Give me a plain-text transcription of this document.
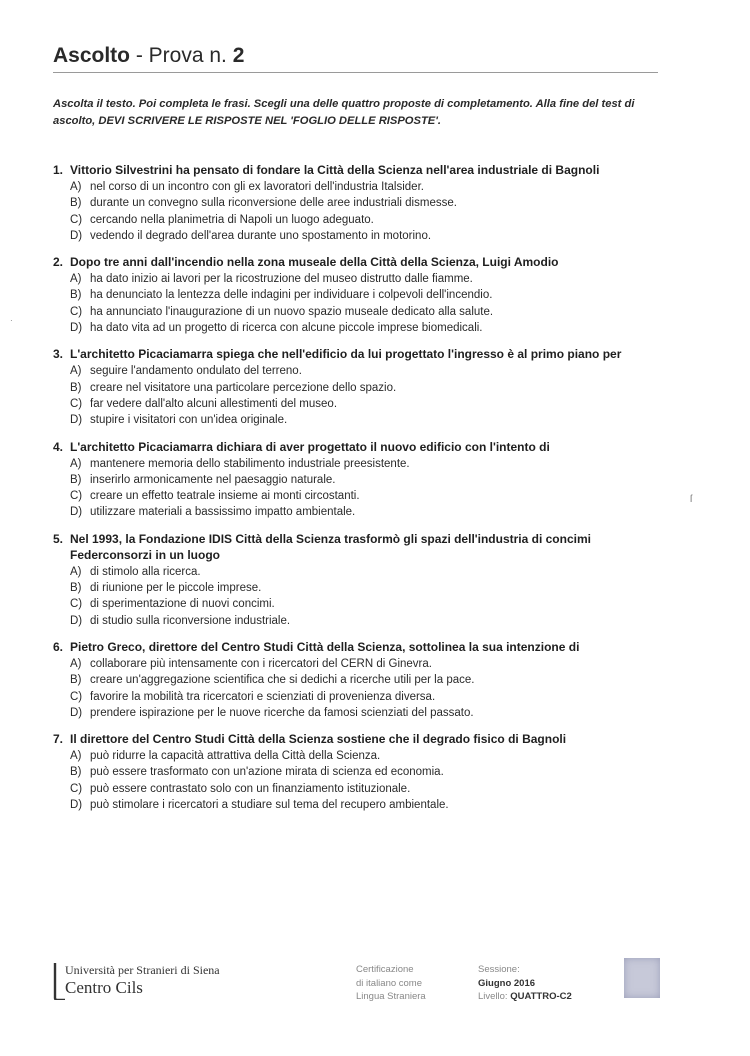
Ascolto - Prova n. 2
Ascolta il testo. Poi completa le frasi. Scegli una delle quattro proposte di completamento. Alla fine del test di ascolto, DEVI SCRIVERE LE RISPOSTE NEL 'FOGLIO DELLE RISPOSTE'.
1. Vittorio Silvestrini ha pensato di fondare la Città della Scienza nell'area industriale di Bagnoli
A) nel corso di un incontro con gli ex lavoratori dell'industria Italsider.
B) durante un convegno sulla riconversione delle aree industriali dismesse.
C) cercando nella planimetria di Napoli un luogo adeguato.
D) vedendo il degrado dell'area durante uno spostamento in motorino.
2. Dopo tre anni dall'incendio nella zona museale della Città della Scienza, Luigi Amodio
A) ha dato inizio ai lavori per la ricostruzione del museo distrutto dalle fiamme.
B) ha denunciato la lentezza delle indagini per individuare i colpevoli dell'incendio.
C) ha annunciato l'inaugurazione di un nuovo spazio museale dedicato alla salute.
D) ha dato vita ad un progetto di ricerca con alcune piccole imprese biomedicali.
3. L'architetto Picaciamarra spiega che nell'edificio da lui progettato l'ingresso è al primo piano per
A) seguire l'andamento ondulato del terreno.
B) creare nel visitatore una particolare percezione dello spazio.
C) far vedere dall'alto alcuni allestimenti del museo.
D) stupire i visitatori con un'idea originale.
4. L'architetto Picaciamarra dichiara di aver progettato il nuovo edificio con l'intento di
A) mantenere memoria dello stabilimento industriale preesistente.
B) inserirlo armonicamente nel paesaggio naturale.
C) creare un effetto teatrale insieme ai monti circostanti.
D) utilizzare materiali a bassissimo impatto ambientale.
5. Nel 1993, la Fondazione IDIS Città della Scienza trasformò gli spazi dell'industria di concimi Federconsorzi in un luogo
A) di stimolo alla ricerca.
B) di riunione per le piccole imprese.
C) di sperimentazione di nuovi concimi.
D) di studio sulla riconversione industriale.
6. Pietro Greco, direttore del Centro Studi Città della Scienza, sottolinea la sua intenzione di
A) collaborare più intensamente con i ricercatori del CERN di Ginevra.
B) creare un'aggregazione scientifica che si dedichi a ricerche utili per la pace.
C) favorire la mobilità tra ricercatori e scienziati di provenienza diversa.
D) prendere ispirazione per le nuove ricerche da famosi scienziati del passato.
7. Il direttore del Centro Studi Città della Scienza sostiene che il degrado fisico di Bagnoli
A) può ridurre la capacità attrattiva della Città della Scienza.
B) può essere trasformato con un'azione mirata di scienza ed economia.
C) può essere contrastato solo con un finanziamento istituzionale.
D) può stimolare i ricercatori a studiare sul tema del recupero ambientale.
·
ſ
Università per Stranieri di Siena
Centro Cils
Certificazione
di italiano come
Lingua Straniera
Sessione:
Giugno 2016
Livello: QUATTRO-C2
